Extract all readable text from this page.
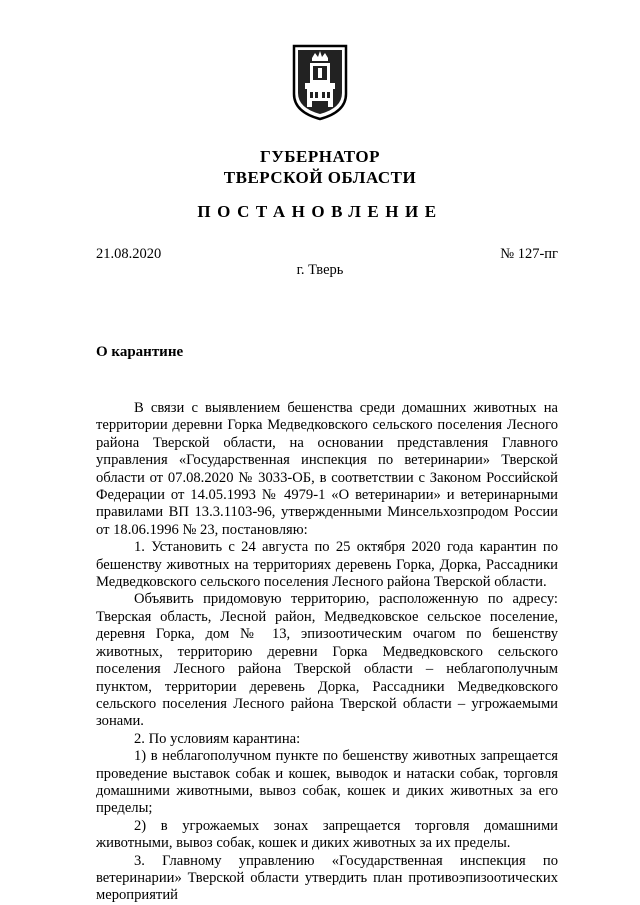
ГУБЕРНАТОР
ТВЕРСКОЙ ОБЛАСТИ
ПОСТАНОВЛЕНИЕ
21.08.2020	№ 127-пг
г. Тверь
О карантине

В связи с выявлением бешенства среди домашних животных на территории деревни Горка Медведковского сельского поселения Лесного района Тверской области, на основании представления Главного управления «Государственная инспекция по ветеринарии» Тверской области от 07.08.2020 № 3033-ОБ, в соответствии с Законом Российской Федерации от 14.05.1993 № 4979-1 «О ветеринарии» и ветеринарными правилами ВП 13.3.1103-96, утвержденными Минсельхозпродом России от 18.06.1996 № 23, постановляю:

1. Установить с 24 августа по 25 октября 2020 года карантин по бешенству животных на территориях деревень Горка, Дорка, Рассадники Медведковского сельского поселения Лесного района Тверской области.

Объявить придомовую территорию, расположенную по адресу: Тверская область, Лесной район, Медведковское сельское поселение, деревня Горка, дом № 13, эпизоотическим очагом по бешенству животных, территорию деревни Горка Медведковского сельского поселения Лесного района Тверской области – неблагополучным пунктом, территории деревень Дорка, Рассадники Медведковского сельского поселения Лесного района Тверской области – угрожаемыми зонами.

2. По условиям карантина:

1) в неблагополучном пункте по бешенству животных запрещается проведение выставок собак и кошек, выводок и натаски собак, торговля домашними животными, вывоз собак, кошек и диких животных за его пределы;

2) в угрожаемых зонах запрещается торговля домашними животными, вывоз собак, кошек и диких животных за их пределы.

3. Главному управлению «Государственная инспекция по ветеринарии» Тверской области утвердить план противоэпизоотических мероприятий
